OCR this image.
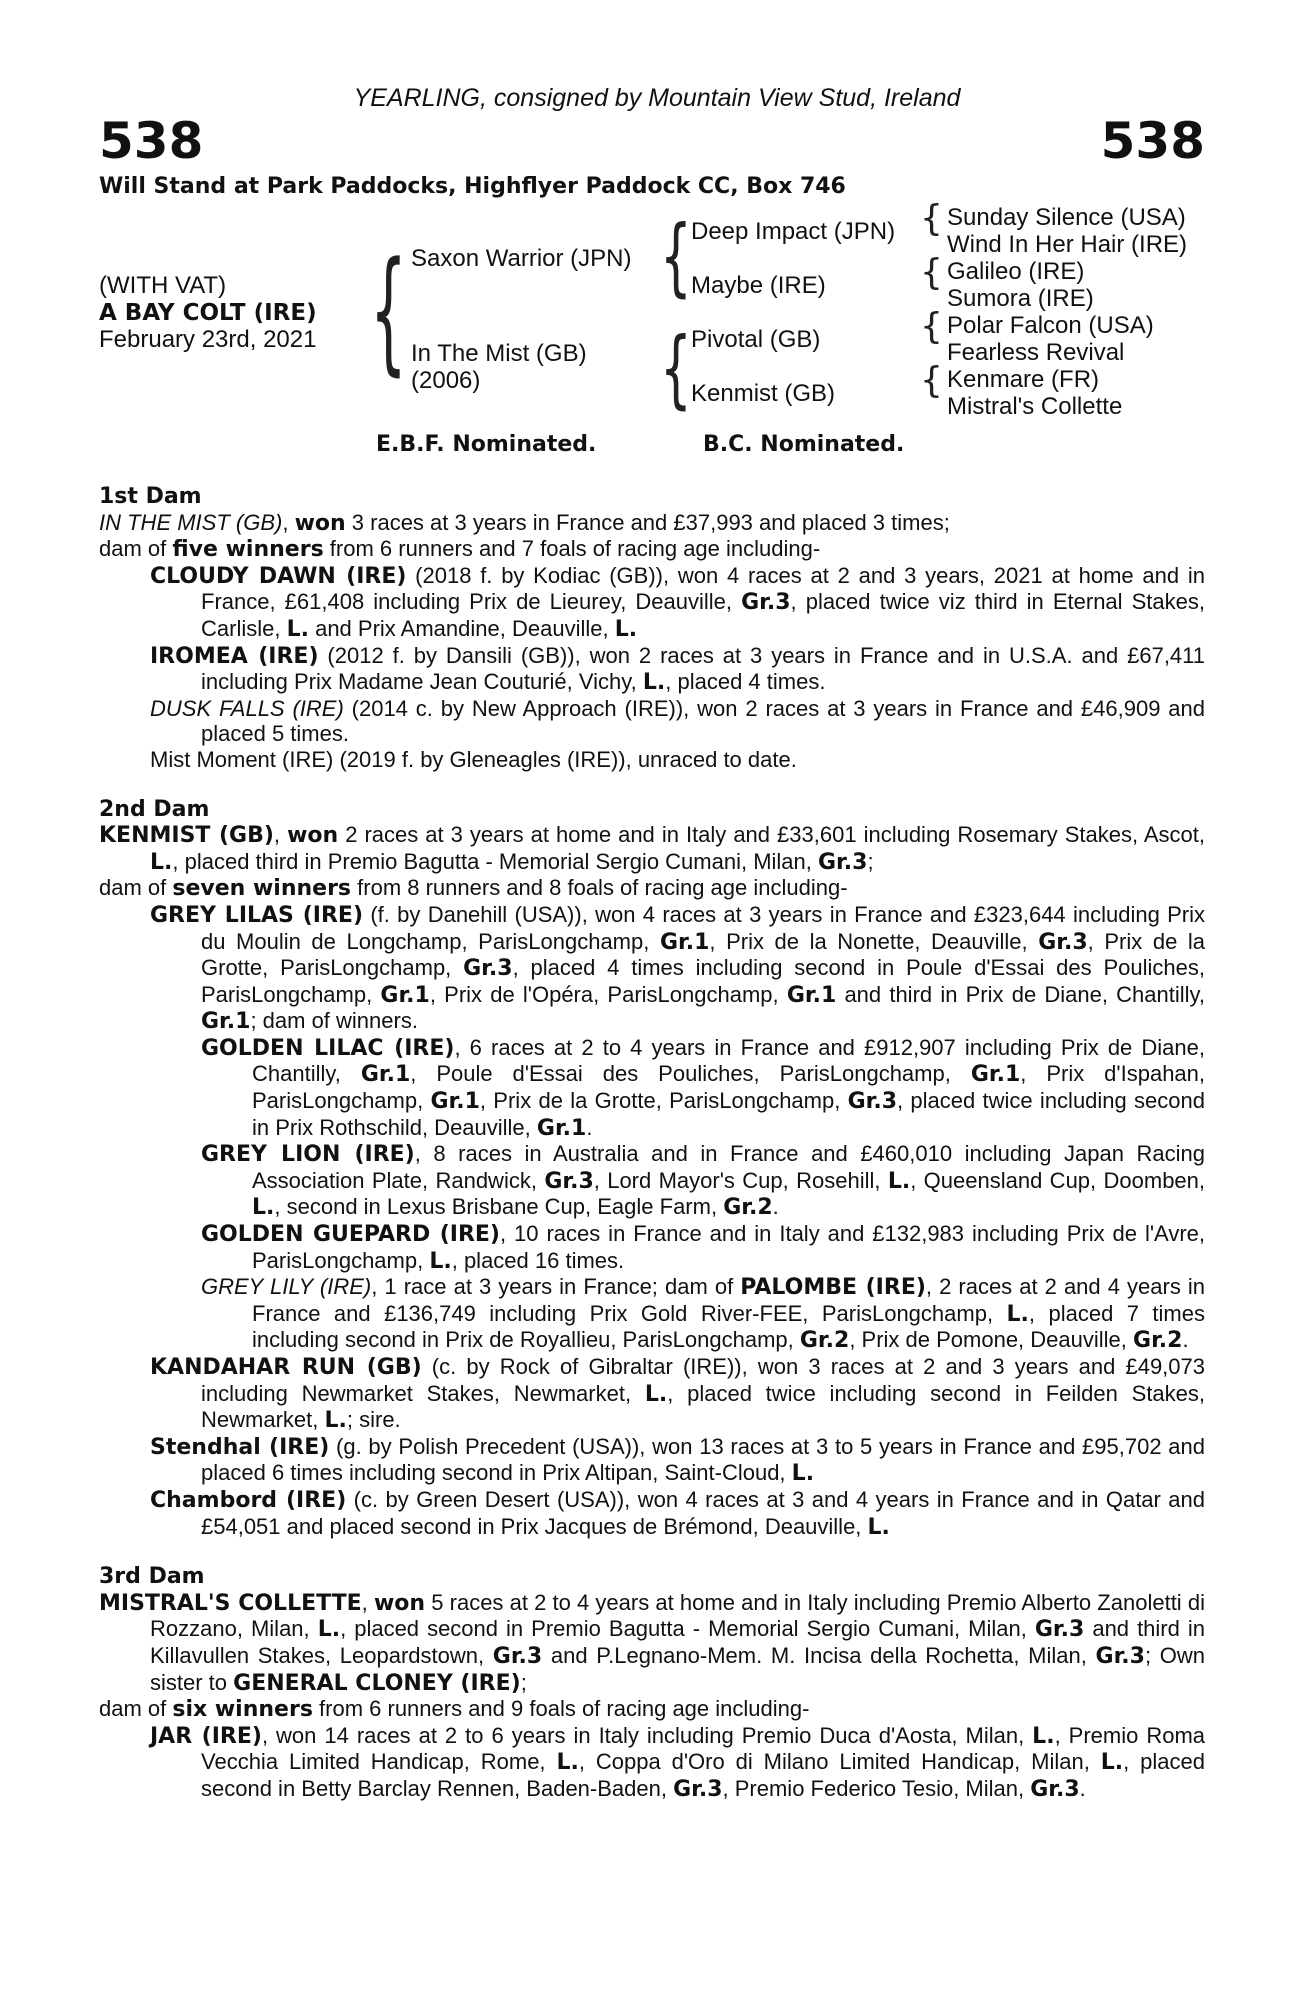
YEARLING, consigned by Mountain View Stud, Ireland
538	538
Will Stand at Park Paddocks, Highflyer Paddock CC, Box 746
(WITH VAT)
A BAY COLT (IRE)
February 23rd, 2021 { Saxon Warrior (JPN)
In The Mist (GB)
(2006)
{
{
Deep Impact (JPN)
Maybe (IRE)
Pivotal (GB)
Kenmist (GB)
{
{
{
{
Sunday Silence (USA)
Wind In Her Hair (IRE)
Galileo (IRE)
Sumora (IRE)
Polar Falcon (USA)
Fearless Revival
Kenmare (FR)
Mistral's Collette
E.B.F. Nominated.	B.C. Nominated.
1st Dam

IN THE MIST (GB), won 3 races at 3 years in France and £37,993 and placed 3 times;

dam of five winners from 6 runners and 7 foals of racing age including-

CLOUDY DAWN (IRE) (2018 f. by Kodiac (GB)), won 4 races at 2 and 3 years, 2021 at home and in France, £61,408 including Prix de Lieurey, Deauville, Gr.3, placed twice viz third in Eternal Stakes, Carlisle, L. and Prix Amandine, Deauville, L.

IROMEA (IRE) (2012 f. by Dansili (GB)), won 2 races at 3 years in France and in U.S.A. and £67,411 including Prix Madame Jean Couturié, Vichy, L., placed 4 times.

DUSK FALLS (IRE) (2014 c. by New Approach (IRE)), won 2 races at 3 years in France and £46,909 and placed 5 times.

Mist Moment (IRE) (2019 f. by Gleneagles (IRE)), unraced to date.

2nd Dam

KENMIST (GB), won 2 races at 3 years at home and in Italy and £33,601 including Rosemary Stakes, Ascot, L., placed third in Premio Bagutta - Memorial Sergio Cumani, Milan, Gr.3;

dam of seven winners from 8 runners and 8 foals of racing age including-

GREY LILAS (IRE) (f. by Danehill (USA)), won 4 races at 3 years in France and £323,644 including Prix du Moulin de Longchamp, ParisLongchamp, Gr.1, Prix de la Nonette, Deauville, Gr.3, Prix de la Grotte, ParisLongchamp, Gr.3, placed 4 times including second in Poule d'Essai des Pouliches, ParisLongchamp, Gr.1, Prix de l'Opéra, ParisLongchamp, Gr.1 and third in Prix de Diane, Chantilly, Gr.1; dam of winners.

GOLDEN LILAC (IRE), 6 races at 2 to 4 years in France and £912,907 including Prix de Diane, Chantilly, Gr.1, Poule d'Essai des Pouliches, ParisLongchamp, Gr.1, Prix d'Ispahan, ParisLongchamp, Gr.1, Prix de la Grotte, ParisLongchamp, Gr.3, placed twice including second in Prix Rothschild, Deauville, Gr.1.

GREY LION (IRE), 8 races in Australia and in France and £460,010 including Japan Racing Association Plate, Randwick, Gr.3, Lord Mayor's Cup, Rosehill, L., Queensland Cup, Doomben, L., second in Lexus Brisbane Cup, Eagle Farm, Gr.2.

GOLDEN GUEPARD (IRE), 10 races in France and in Italy and £132,983 including Prix de l'Avre, ParisLongchamp, L., placed 16 times.

GREY LILY (IRE), 1 race at 3 years in France; dam of PALOMBE (IRE), 2 races at 2 and 4 years in France and £136,749 including Prix Gold River-FEE, ParisLongchamp, L., placed 7 times including second in Prix de Royallieu, ParisLongchamp, Gr.2, Prix de Pomone, Deauville, Gr.2.

KANDAHAR RUN (GB) (c. by Rock of Gibraltar (IRE)), won 3 races at 2 and 3 years and £49,073 including Newmarket Stakes, Newmarket, L., placed twice including second in Feilden Stakes, Newmarket, L.; sire.

Stendhal (IRE) (g. by Polish Precedent (USA)), won 13 races at 3 to 5 years in France and £95,702 and placed 6 times including second in Prix Altipan, Saint-Cloud, L.

Chambord (IRE) (c. by Green Desert (USA)), won 4 races at 3 and 4 years in France and in Qatar and £54,051 and placed second in Prix Jacques de Brémond, Deauville, L.

3rd Dam

MISTRAL'S COLLETTE, won 5 races at 2 to 4 years at home and in Italy including Premio Alberto Zanoletti di Rozzano, Milan, L., placed second in Premio Bagutta - Memorial Sergio Cumani, Milan, Gr.3 and third in Killavullen Stakes, Leopardstown, Gr.3 and P.Legnano-Mem. M. Incisa della Rochetta, Milan, Gr.3; Own sister to GENERAL CLONEY (IRE);

dam of six winners from 6 runners and 9 foals of racing age including-

JAR (IRE), won 14 races at 2 to 6 years in Italy including Premio Duca d'Aosta, Milan, L., Premio Roma Vecchia Limited Handicap, Rome, L., Coppa d'Oro di Milano Limited Handicap, Milan, L., placed second in Betty Barclay Rennen, Baden-Baden, Gr.3, Premio Federico Tesio, Milan, Gr.3.
